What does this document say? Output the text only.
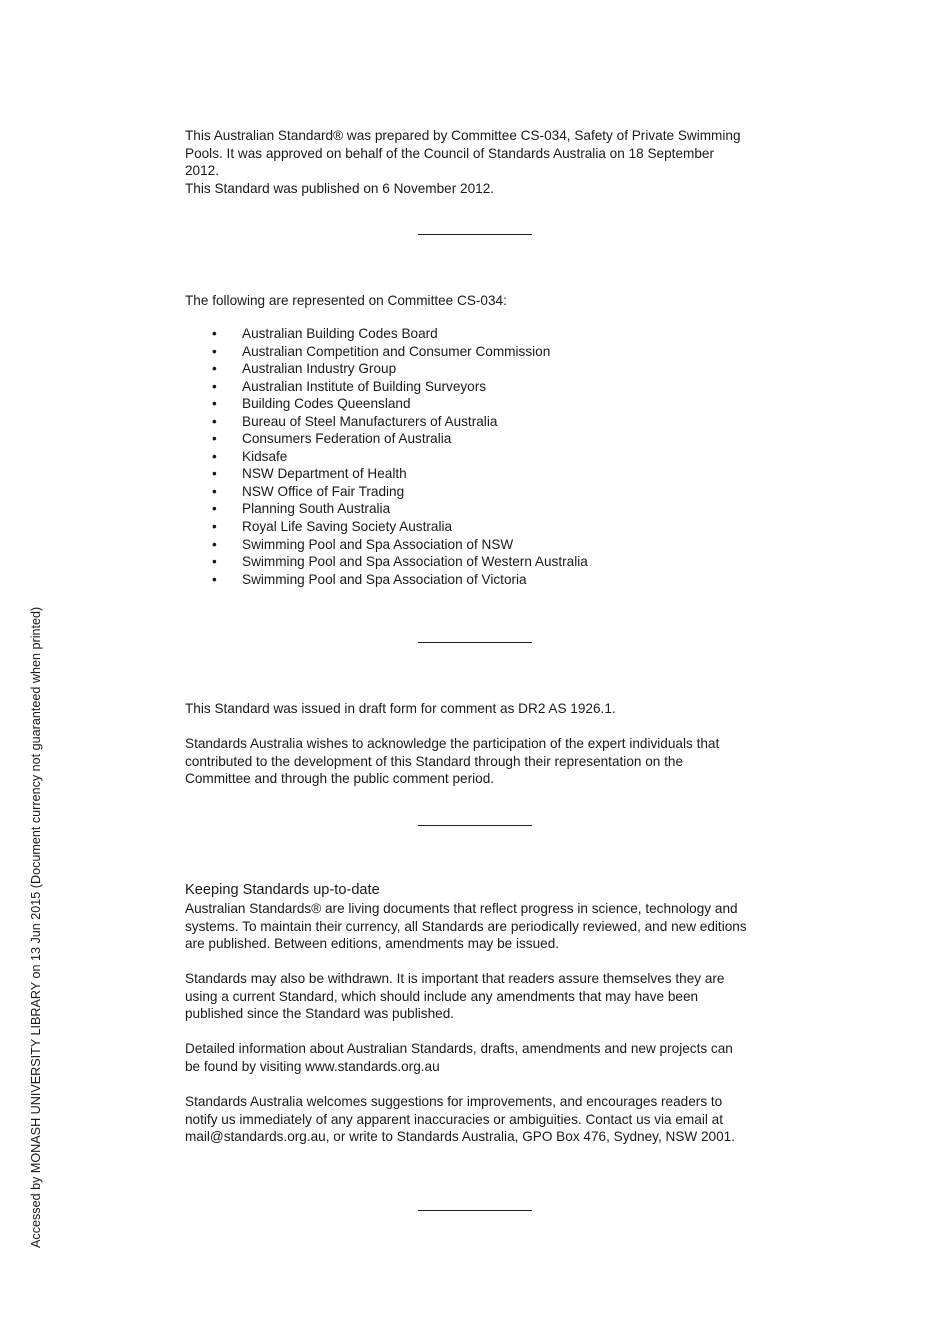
This Australian Standard® was prepared by Committee CS-034, Safety of Private Swimming
Pools. It was approved on behalf of the Council of Standards Australia on 18 September
2012.
This Standard was published on 6 November 2012.

The following are represented on Committee CS-034:

• Australian Building Codes Board
• Australian Competition and Consumer Commission
• Australian Industry Group
• Australian Institute of Building Surveyors
• Building Codes Queensland
• Bureau of Steel Manufacturers of Australia
• Consumers Federation of Australia
• Kidsafe
• NSW Department of Health
• NSW Office of Fair Trading
• Planning South Australia
• Royal Life Saving Society Australia
• Swimming Pool and Spa Association of NSW
• Swimming Pool and Spa Association of Western Australia
• Swimming Pool and Spa Association of Victoria

This Standard was issued in draft form for comment as DR2 AS 1926.1.

Standards Australia wishes to acknowledge the participation of the expert individuals that
contributed to the development of this Standard through their representation on the
Committee and through the public comment period.
Keeping Standards up-to-date
Australian Standards® are living documents that reflect progress in science, technology and
systems. To maintain their currency, all Standards are periodically reviewed, and new editions
are published. Between editions, amendments may be issued.
Standards may also be withdrawn. It is important that readers assure themselves they are
using a current Standard, which should include any amendments that may have been
published since the Standard was published.
Detailed information about Australian Standards, drafts, amendments and new projects can
be found by visiting www.standards.org.au
Standards Australia welcomes suggestions for improvements, and encourages readers to
notify us immediately of any apparent inaccuracies or ambiguities. Contact us via email at
mail@standards.org.au, or write to Standards Australia, GPO Box 476, Sydney, NSW 2001.
Accessed by MONASH UNIVERSITY LIBRARY on 13 Jun 2015 (Document currency not guaranteed when printed)
